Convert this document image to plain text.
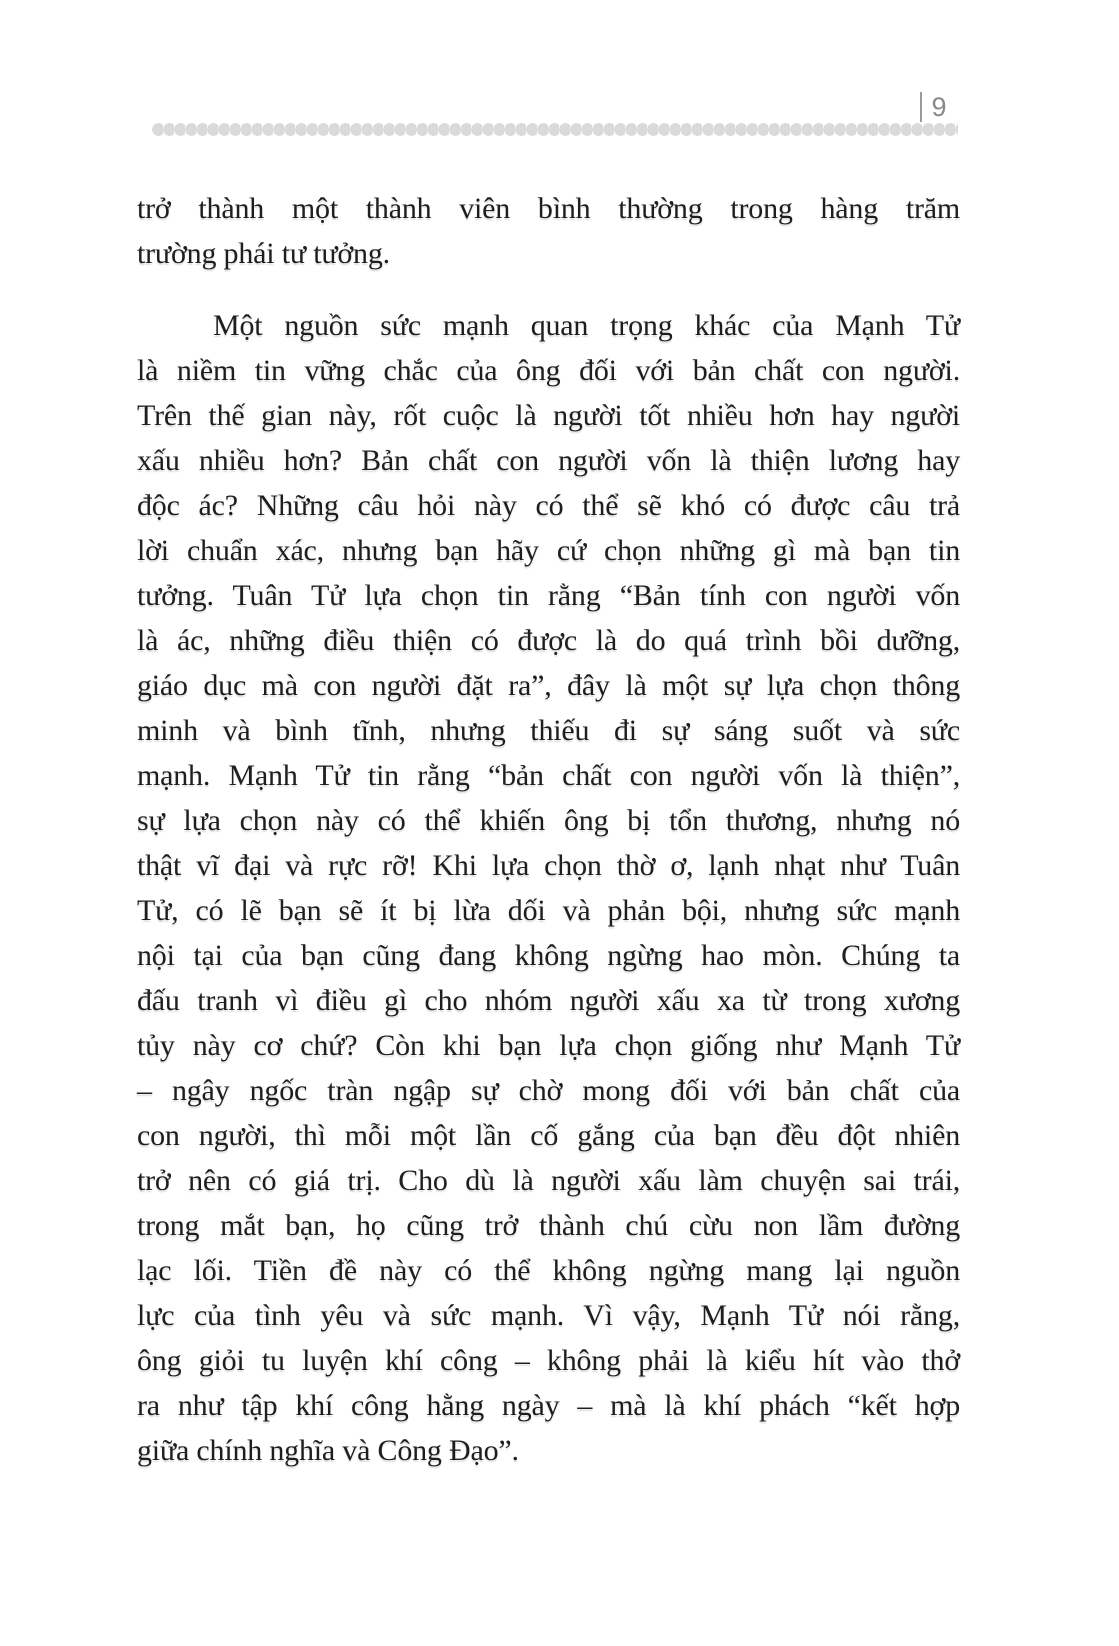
9
trở thành một thành viên bình thường trong hàng trăm
trường phái tư tưởng.
Một nguồn sức mạnh quan trọng khác của Mạnh Tử
là niềm tin vững chắc của ông đối với bản chất con người.
Trên thế gian này, rốt cuộc là người tốt nhiều hơn hay người
xấu nhiều hơn? Bản chất con người vốn là thiện lương hay
độc ác? Những câu hỏi này có thể sẽ khó có được câu trả
lời chuẩn xác, nhưng bạn hãy cứ chọn những gì mà bạn tin
tưởng. Tuân Tử lựa chọn tin rằng “Bản tính con người vốn
là ác, những điều thiện có được là do quá trình bồi dưỡng,
giáo dục mà con người đặt ra”, đây là một sự lựa chọn thông
minh và bình tĩnh, nhưng thiếu đi sự sáng suốt và sức
mạnh. Mạnh Tử tin rằng “bản chất con người vốn là thiện”,
sự lựa chọn này có thể khiến ông bị tổn thương, nhưng nó
thật vĩ đại và rực rỡ! Khi lựa chọn thờ ơ, lạnh nhạt như Tuân
Tử, có lẽ bạn sẽ ít bị lừa dối và phản bội, nhưng sức mạnh
nội tại của bạn cũng đang không ngừng hao mòn. Chúng ta
đấu tranh vì điều gì cho nhóm người xấu xa từ trong xương
tủy này cơ chứ? Còn khi bạn lựa chọn giống như Mạnh Tử
– ngây ngốc tràn ngập sự chờ mong đối với bản chất của
con người, thì mỗi một lần cố gắng của bạn đều đột nhiên
trở nên có giá trị. Cho dù là người xấu làm chuyện sai trái,
trong mắt bạn, họ cũng trở thành chú cừu non lầm đường
lạc lối. Tiền đề này có thể không ngừng mang lại nguồn
lực của tình yêu và sức mạnh. Vì vậy, Mạnh Tử nói rằng,
ông giỏi tu luyện khí công – không phải là kiểu hít vào thở
ra như tập khí công hằng ngày – mà là khí phách “kết hợp
giữa chính nghĩa và Công Đạo”.
